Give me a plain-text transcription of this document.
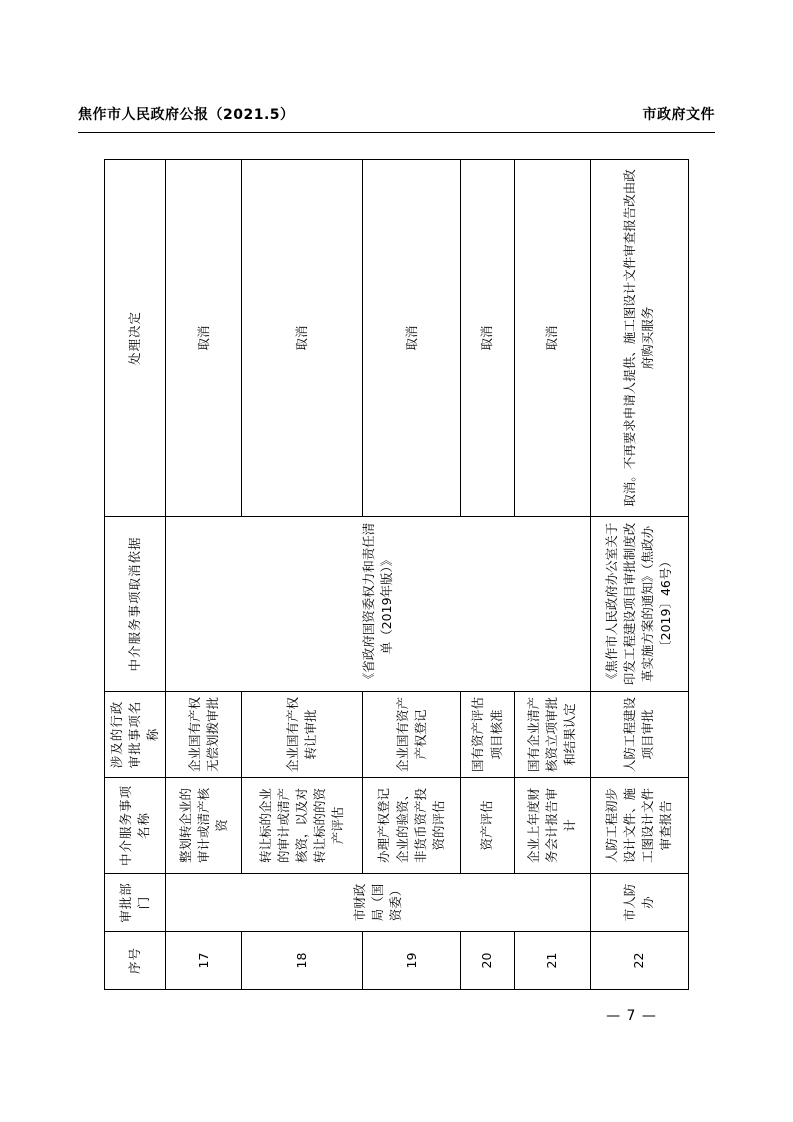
焦作市人民政府公报（2021.5）	市政府文件
序号	审批部门	中介服务事项名称	涉及的行政审批事项名称	中介服务事项取消依据	处理决定
17	市财政局（国资委）	整划转企业的审计或清产核资	企业国有产权无偿划拨审批	《省政府国资委权力和责任清单（2019年版）》	取消
18		转让标的企业的审计或清产核资，以及对转让标的的资产评估	企业国有产权转让审批		取消
19		办理产权登记企业的验资、非货币资产投资的评估	企业国有资产产权登记		取消
20		资产评估	国有资产评估项目核准		取消
21		企业上年度财务会计报告审计	国有企业清产核资立项审批和结果认定		取消
22	市人防办	人防工程初步设计文件、施工图设计文件审查报告	人防工程建设项目审批	《焦作市人民政府办公室关于印发工程建设项目审批制度改革实施方案的通知》（焦政办〔2019〕46号）	取消。不再要求申请人提供、施工图设计文件审查报告改由政府购买服务
— 7 —
